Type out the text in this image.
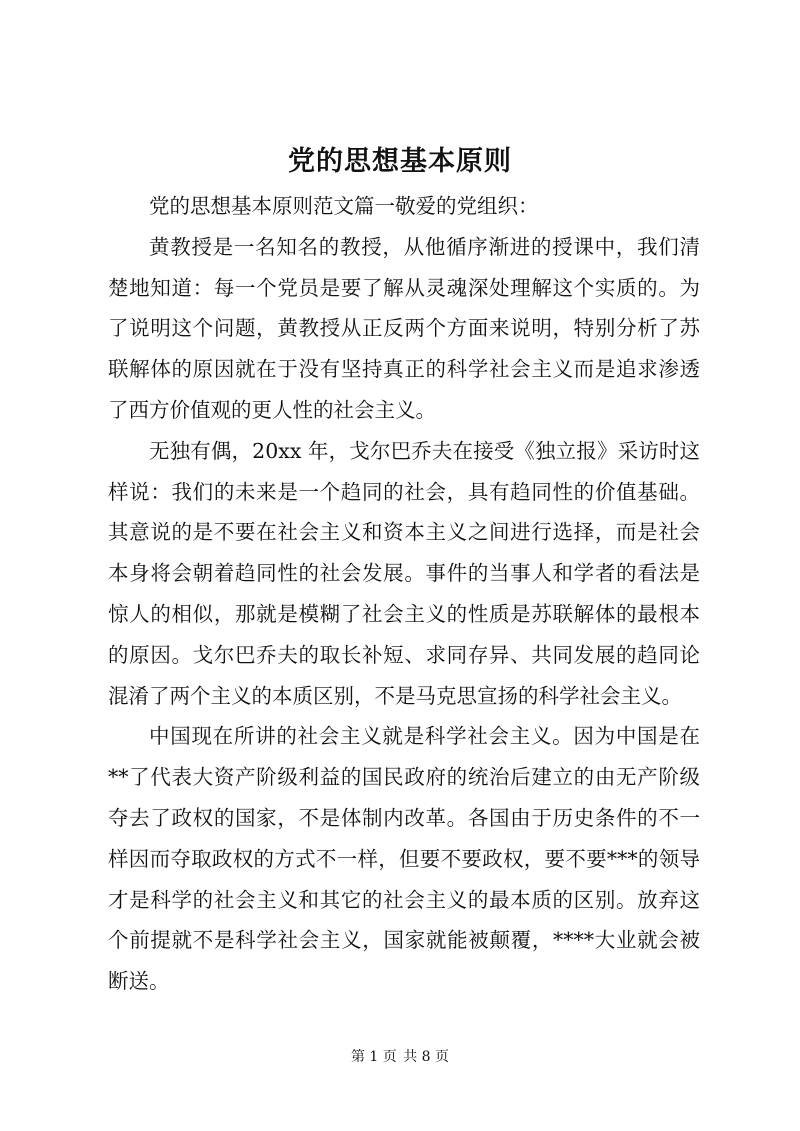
党的思想基本原则

党的思想基本原则范文篇一敬爱的党组织：

黄教授是一名知名的教授，从他循序渐进的授课中，我们清楚地知道：每一个党员是要了解从灵魂深处理解这个实质的。为了说明这个问题，黄教授从正反两个方面来说明，特别分析了苏联解体的原因就在于没有坚持真正的科学社会主义而是追求渗透了西方价值观的更人性的社会主义。

无独有偶，20xx 年，戈尔巴乔夫在接受《独立报》采访时这样说：我们的未来是一个趋同的社会，具有趋同性的价值基础。其意说的是不要在社会主义和资本主义之间进行选择，而是社会本身将会朝着趋同性的社会发展。事件的当事人和学者的看法是惊人的相似，那就是模糊了社会主义的性质是苏联解体的最根本的原因。戈尔巴乔夫的取长补短、求同存异、共同发展的趋同论混淆了两个主义的本质区别，不是马克思宣扬的科学社会主义。

中国现在所讲的社会主义就是科学社会主义。因为中国是在**了代表大资产阶级利益的国民政府的统治后建立的由无产阶级夺去了政权的国家，不是体制内改革。各国由于历史条件的不一样因而夺取政权的方式不一样，但要不要政权，要不要***的领导才是科学的社会主义和其它的社会主义的最本质的区别。放弃这个前提就不是科学社会主义，国家就能被颠覆，****大业就会被断送。

第 1 页 共 8 页
